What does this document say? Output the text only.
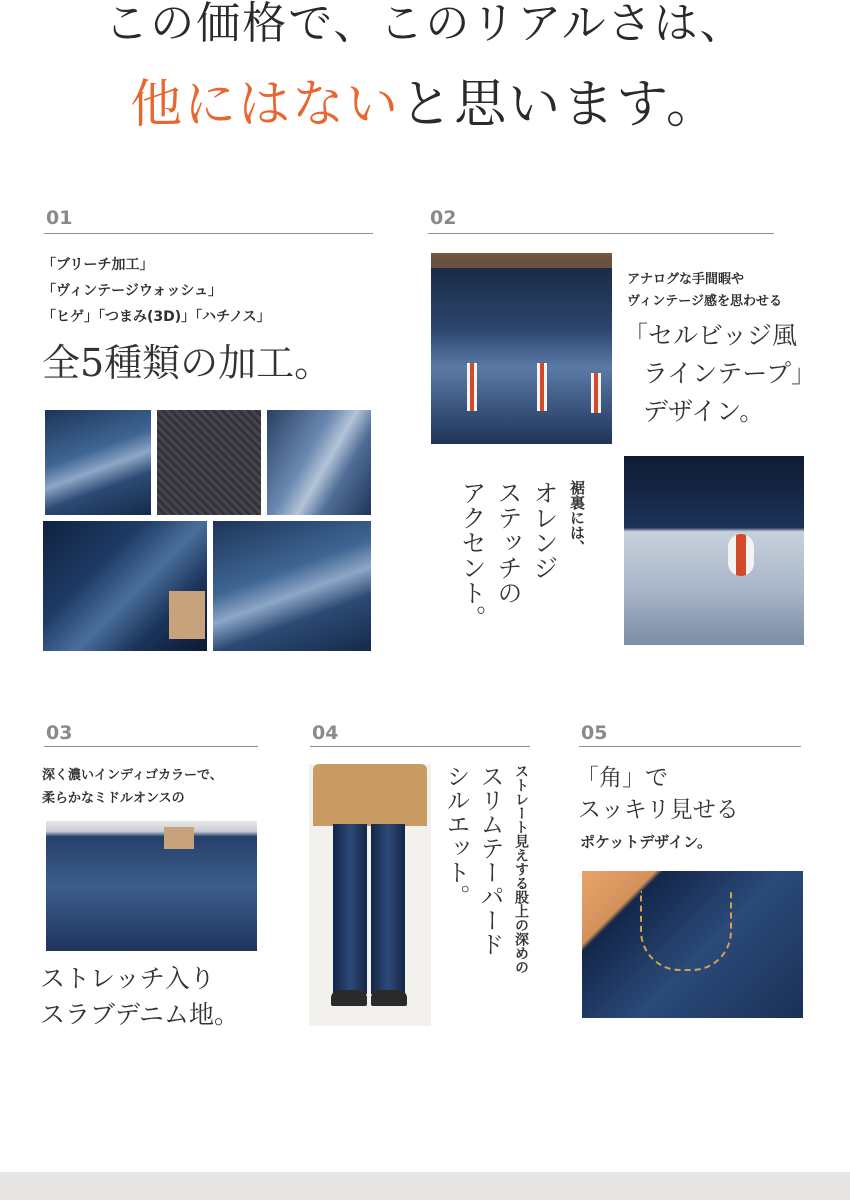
この価格で、このリアルさは、
他にはないと思います。
01
「ブリーチ加工」
「ヴィンテージウォッシュ」
「ヒゲ」「つまみ(3D)」「ハチノス」
全5種類の加工。
02
アナログな手間暇や
ヴィンテージ感を思わせる
「セルビッジ風
ラインテープ」
デザイン。
裾裏には、
オレンジ
ステッチの
アクセント。
03
深く濃いインディゴカラーで、
柔らかなミドルオンスの
ストレッチ入り
スラブデニム地。
04
ストレート見えする股上の深めの
スリムテーパード
シルエット。
05
「角」で
スッキリ見せる
ポケットデザイン。
